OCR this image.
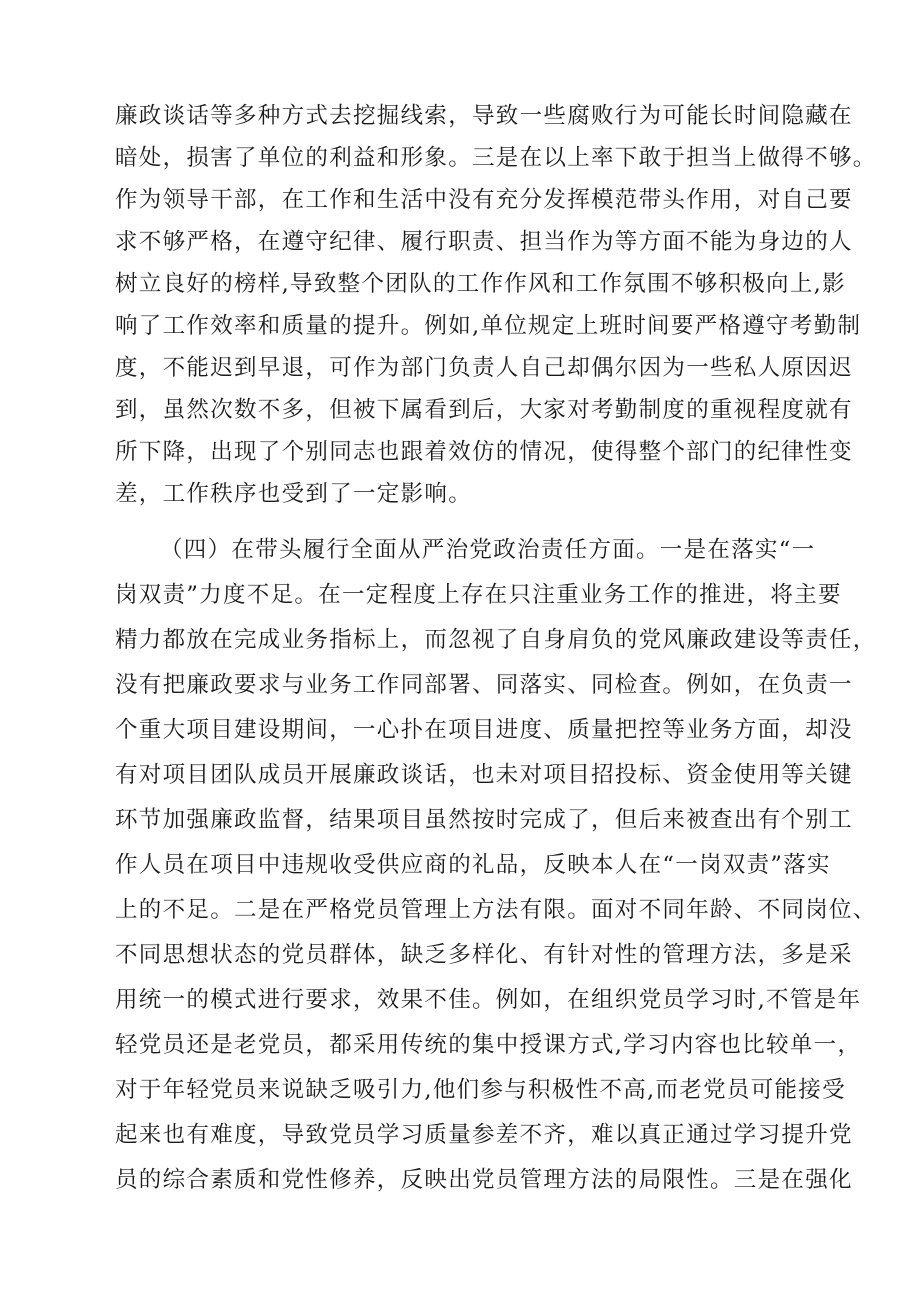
廉政谈话等多种方式去挖掘线索，导致一些腐败行为可能长时间隐藏在
暗处，损害了单位的利益和形象。三是在以上率下敢于担当上做得不够。
作为领导干部，在工作和生活中没有充分发挥模范带头作用，对自己要
求不够严格，在遵守纪律、履行职责、担当作为等方面不能为身边的人
树立良好的榜样,导致整个团队的工作作风和工作氛围不够积极向上,影
响了工作效率和质量的提升。例如,单位规定上班时间要严格遵守考勤制
度，不能迟到早退，可作为部门负责人自己却偶尔因为一些私人原因迟
到，虽然次数不多，但被下属看到后，大家对考勤制度的重视程度就有
所下降，出现了个别同志也跟着效仿的情况，使得整个部门的纪律性变
差，工作秩序也受到了一定影响。
（四）在带头履行全面从严治党政治责任方面。一是在落实“一
岗双责”力度不足。在一定程度上存在只注重业务工作的推进，将主要
精力都放在完成业务指标上，而忽视了自身肩负的党风廉政建设等责任，
没有把廉政要求与业务工作同部署、同落实、同检查。例如，在负责一
个重大项目建设期间，一心扑在项目进度、质量把控等业务方面，却没
有对项目团队成员开展廉政谈话，也未对项目招投标、资金使用等关键
环节加强廉政监督，结果项目虽然按时完成了，但后来被查出有个别工
作人员在项目中违规收受供应商的礼品，反映本人在“一岗双责”落实
上的不足。二是在严格党员管理上方法有限。面对不同年龄、不同岗位、
不同思想状态的党员群体，缺乏多样化、有针对性的管理方法，多是采
用统一的模式进行要求，效果不佳。例如，在组织党员学习时,不管是年
轻党员还是老党员，都采用传统的集中授课方式,学习内容也比较单一，
对于年轻党员来说缺乏吸引力,他们参与积极性不高,而老党员可能接受
起来也有难度，导致党员学习质量参差不齐，难以真正通过学习提升党
员的综合素质和党性修养，反映出党员管理方法的局限性。三是在强化
